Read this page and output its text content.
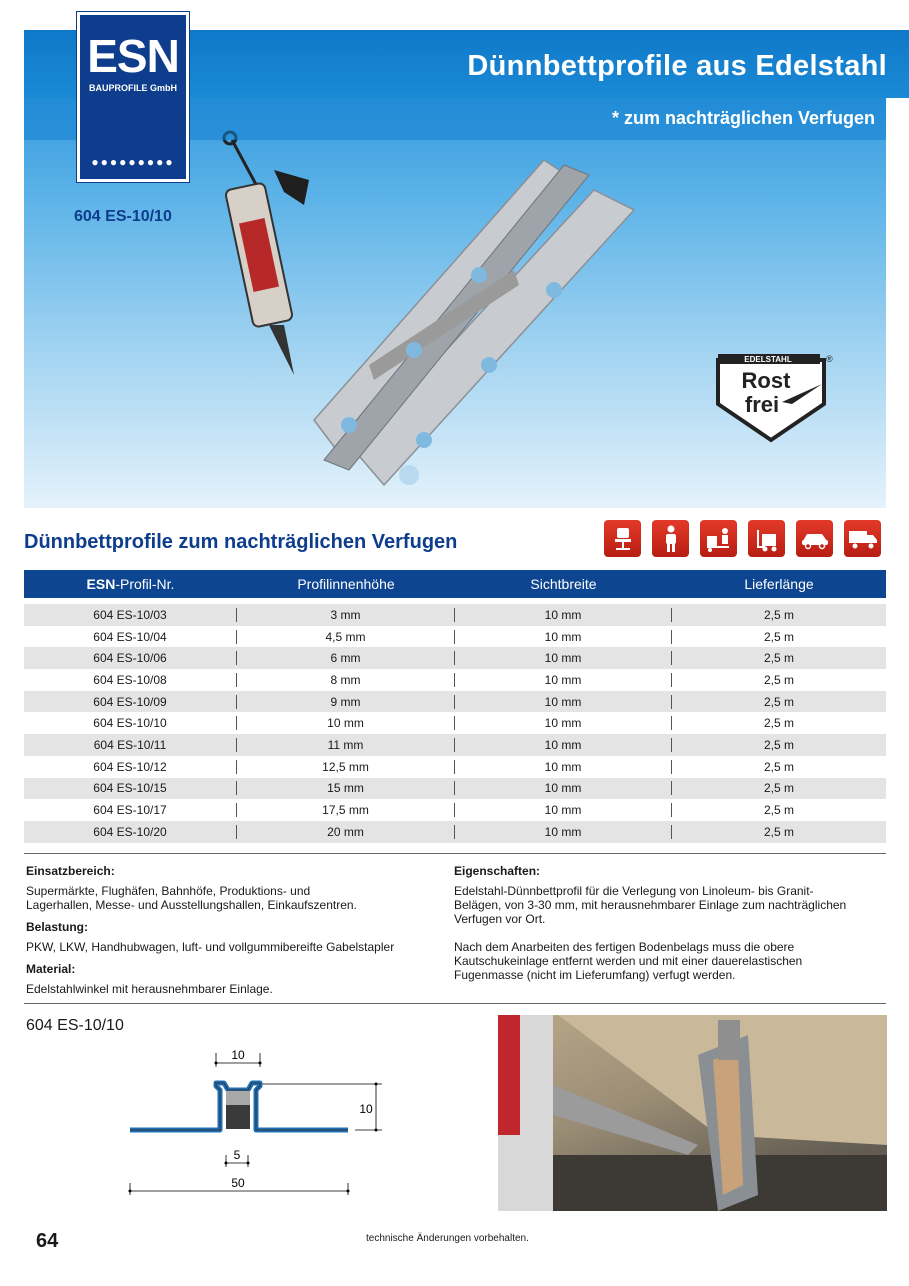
Dünnbettprofile aus Edelstahl
* zum nachträglichen Verfugen
ESN
BAUPROFILE GmbH
●●●●●●●●●
604 ES-10/10
EDELSTAHL	®
Rost
frei
Dünnbettprofile zum nachträglichen Verfugen
ESN-Profil-Nr.	Profilinnenhöhe	Sichtbreite	Lieferlänge
604 ES-10/03	3 mm	10 mm	2,5 m
604 ES-10/04	4,5 mm	10 mm	2,5 m
604 ES-10/06	6 mm	10 mm	2,5 m
604 ES-10/08	8 mm	10 mm	2,5 m
604 ES-10/09	9 mm	10 mm	2,5 m
604 ES-10/10	10 mm	10 mm	2,5 m
604 ES-10/11	11 mm	10 mm	2,5 m
604 ES-10/12	12,5 mm	10 mm	2,5 m
604 ES-10/15	15 mm	10 mm	2,5 m
604 ES-10/17	17,5 mm	10 mm	2,5 m
604 ES-10/20	20 mm	10 mm	2,5 m
Einsatzbereich:
Supermärkte, Flughäfen, Bahnhöfe, Produktions- und
Lagerhallen, Messe- und Ausstellungshallen, Einkaufszentren.
Belastung:
PKW, LKW, Handhubwagen, luft- und vollgummibereifte Gabelstapler
Material:
Edelstahlwinkel mit herausnehmbarer Einlage.
Eigenschaften:
Edelstahl-Dünnbettprofil für die Verlegung von Linoleum- bis Granit-
Belägen, von 3-30 mm, mit herausnehmbarer Einlage zum nachträglichen
Verfugen vor Ort.
Nach dem Anarbeiten des fertigen Bodenbelags muss die obere
Kautschukeinlage entfernt werden und mit einer dauerelastischen
Fugenmasse (nicht im Lieferumfang) verfugt werden.
604 ES-10/10
10
10
5
50
64	technische Änderungen vorbehalten.
